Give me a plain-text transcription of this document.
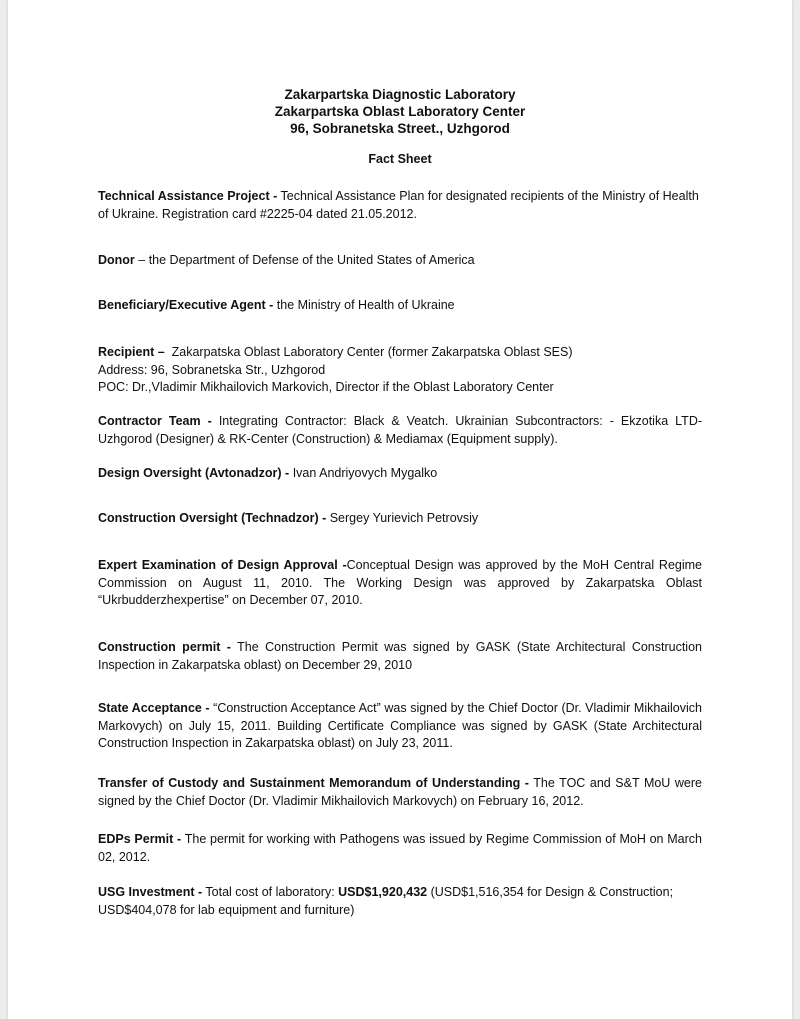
Zakarpartska Diagnostic Laboratory
Zakarpartska Oblast Laboratory Center
96, Sobranetska Street., Uzhgorod
Fact Sheet
Technical Assistance Project - Technical Assistance Plan for designated recipients of the Ministry of Health of Ukraine. Registration card #2225-04 dated 21.05.2012.
Donor – the Department of Defense of the United States of America
Beneficiary/Executive Agent - the Ministry of Health of Ukraine
Recipient –  Zakarpatska Oblast Laboratory Center (former Zakarpatska Oblast SES)
Address: 96, Sobranetska Str., Uzhgorod
POC: Dr.,Vladimir Mikhailovich Markovich, Director if the Oblast Laboratory Center
Contractor Team - Integrating Contractor: Black & Veatch. Ukrainian Subcontractors: - Ekzotika LTD-Uzhgorod (Designer) & RK-Center (Construction) & Mediamax (Equipment supply).
Design Oversight (Avtonadzor) - Ivan Andriyovych Mygalko
Construction Oversight (Technadzor) - Sergey Yurievich Petrovsiy
Expert Examination of Design Approval -Conceptual Design was approved by the MoH Central Regime Commission on August 11, 2010. The Working Design was approved by Zakarpatska Oblast “Ukrbudderzhexpertise” on December 07, 2010.
Construction permit - The Construction Permit was signed by GASK (State Architectural Construction Inspection in Zakarpatska oblast) on December 29, 2010
State Acceptance - “Construction Acceptance Act” was signed by the Chief Doctor (Dr. Vladimir Mikhailovich Markovych) on July 15, 2011. Building Certificate Compliance was signed by GASK (State Architectural Construction Inspection in Zakarpatska oblast) on July 23, 2011.
Transfer of Custody and Sustainment Memorandum of Understanding - The TOC and S&T MoU were signed by the Chief Doctor (Dr. Vladimir Mikhailovich Markovych) on February 16, 2012.
EDPs Permit - The permit for working with Pathogens was issued by Regime Commission of MoH on March 02, 2012.
USG Investment - Total cost of laboratory: USD$1,920,432 (USD$1,516,354 for Design & Construction; USD$404,078 for lab equipment and furniture)
